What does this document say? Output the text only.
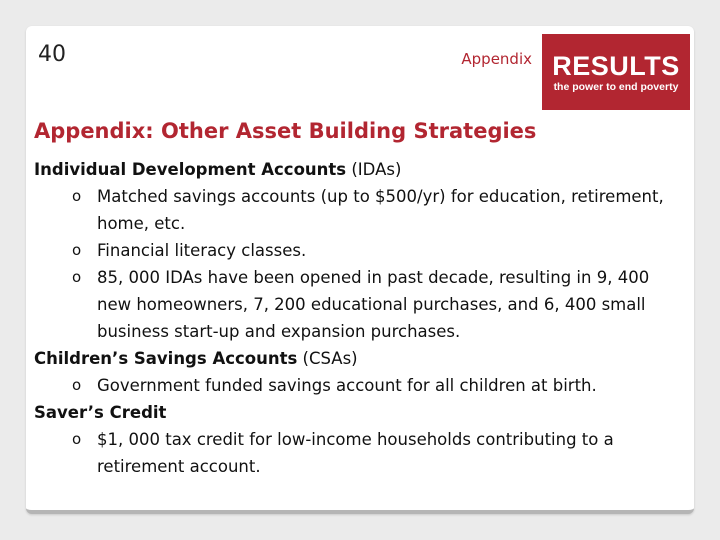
40	Appendix RESULTS
the power to end poverty
Appendix: Other Asset Building Strategies

Individual Development Accounts (IDAs)

o Matched savings accounts (up to $500/yr) for education, retirement, home, etc.
o Financial literacy classes.
o 85, 000 IDAs have been opened in past decade, resulting in 9, 400 new homeowners, 7, 200 educational purchases, and 6, 400 small business start-up and expansion purchases.

Children’s Savings Accounts (CSAs)

o Government funded savings account for all children at birth.

Saver’s Credit

o $1, 000 tax credit for low-income households contributing to a retirement account.
